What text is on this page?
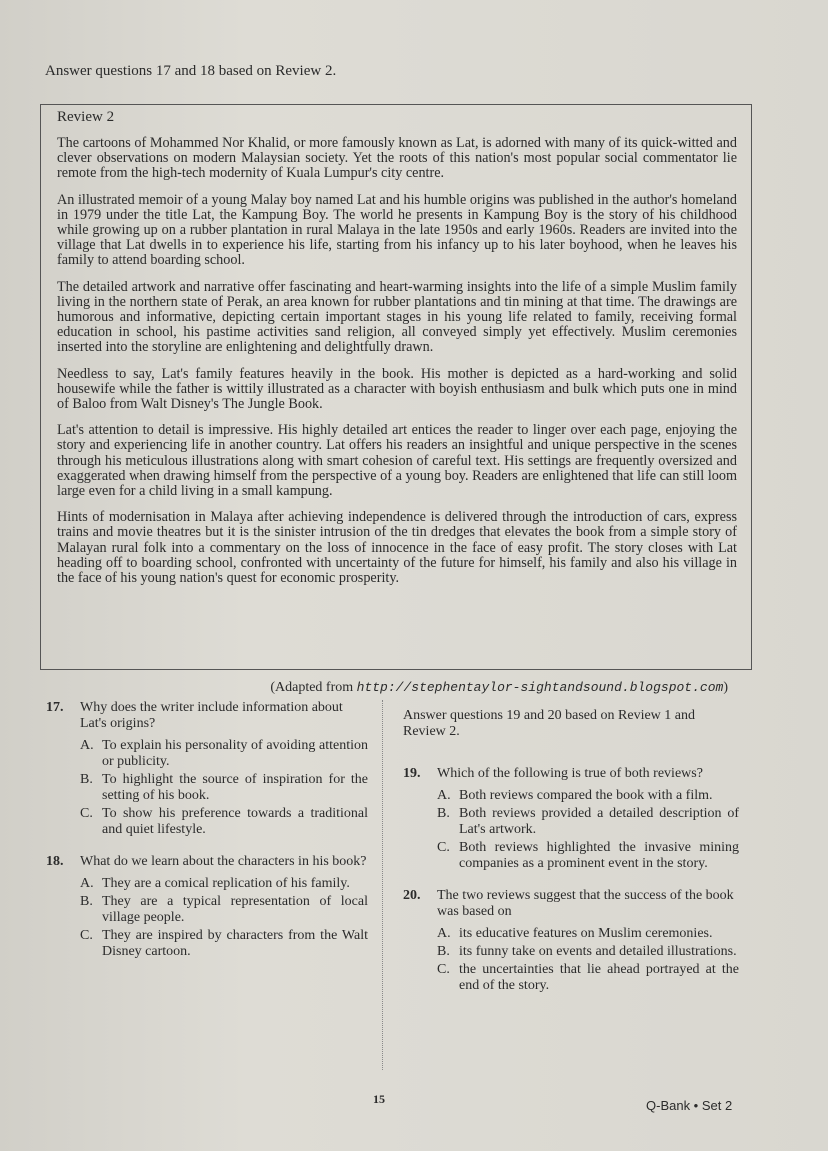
Answer questions 17 and 18 based on Review 2.

Review 2

The cartoons of Mohammed Nor Khalid, or more famously known as Lat, is adorned with many of its quick-witted and clever observations on modern Malaysian society. Yet the roots of this nation's most popular social commentator lie remote from the high-tech modernity of Kuala Lumpur's city centre.

An illustrated memoir of a young Malay boy named Lat and his humble origins was published in the author's homeland in 1979 under the title Lat, the Kampung Boy. The world he presents in Kampung Boy is the story of his childhood while growing up on a rubber plantation in rural Malaya in the late 1950s and early 1960s. Readers are invited into the village that Lat dwells in to experience his life, starting from his infancy up to his later boyhood, when he leaves his family to attend boarding school.

The detailed artwork and narrative offer fascinating and heart-warming insights into the life of a simple Muslim family living in the northern state of Perak, an area known for rubber plantations and tin mining at that time. The drawings are humorous and informative, depicting certain important stages in his young life related to family, receiving formal education in school, his pastime activities sand religion, all conveyed simply yet effectively. Muslim ceremonies inserted into the storyline are enlightening and delightfully drawn.

Needless to say, Lat's family features heavily in the book. His mother is depicted as a hard-working and solid housewife while the father is wittily illustrated as a character with boyish enthusiasm and bulk which puts one in mind of Baloo from Walt Disney's The Jungle Book.

Lat's attention to detail is impressive. His highly detailed art entices the reader to linger over each page, enjoying the story and experiencing life in another country. Lat offers his readers an insightful and unique perspective in the scenes through his meticulous illustrations along with smart cohesion of careful text. His settings are frequently oversized and exaggerated when drawing himself from the perspective of a young boy. Readers are enlightened that life can still loom large even for a child living in a small kampung.

Hints of modernisation in Malaya after achieving independence is delivered through the introduction of cars, express trains and movie theatres but it is the sinister intrusion of the tin dredges that elevates the book from a simple story of Malayan rural folk into a commentary on the loss of innocence in the face of easy profit. The story closes with Lat heading off to boarding school, confronted with uncertainty of the future for himself, his family and also his village in the face of his young nation's quest for economic prosperity.

(Adapted from http://stephentaylor-sightandsound.blogspot.com)
17.	Why does the writer include information about Lat's origins?
A. To explain his personality of avoiding attention or publicity.
B. To highlight the source of inspiration for the setting of his book.
C. To show his preference towards a traditional and quiet lifestyle.
18.	What do we learn about the characters in his book?
A. They are a comical replication of his family.
B. They are a typical representation of local village people.
C. They are inspired by characters from the Walt Disney cartoon.
Answer questions 19 and 20 based on Review 1 and Review 2.
19.	Which of the following is true of both reviews?
A. Both reviews compared the book with a film.
B. Both reviews provided a detailed description of Lat's artwork.
C. Both reviews highlighted the invasive mining companies as a prominent event in the story.
20.	The two reviews suggest that the success of the book was based on
A. its educative features on Muslim ceremonies.
B. its funny take on events and detailed illustrations.
C. the uncertainties that lie ahead portrayed at the end of the story.
15	Q-Bank • Set 2
